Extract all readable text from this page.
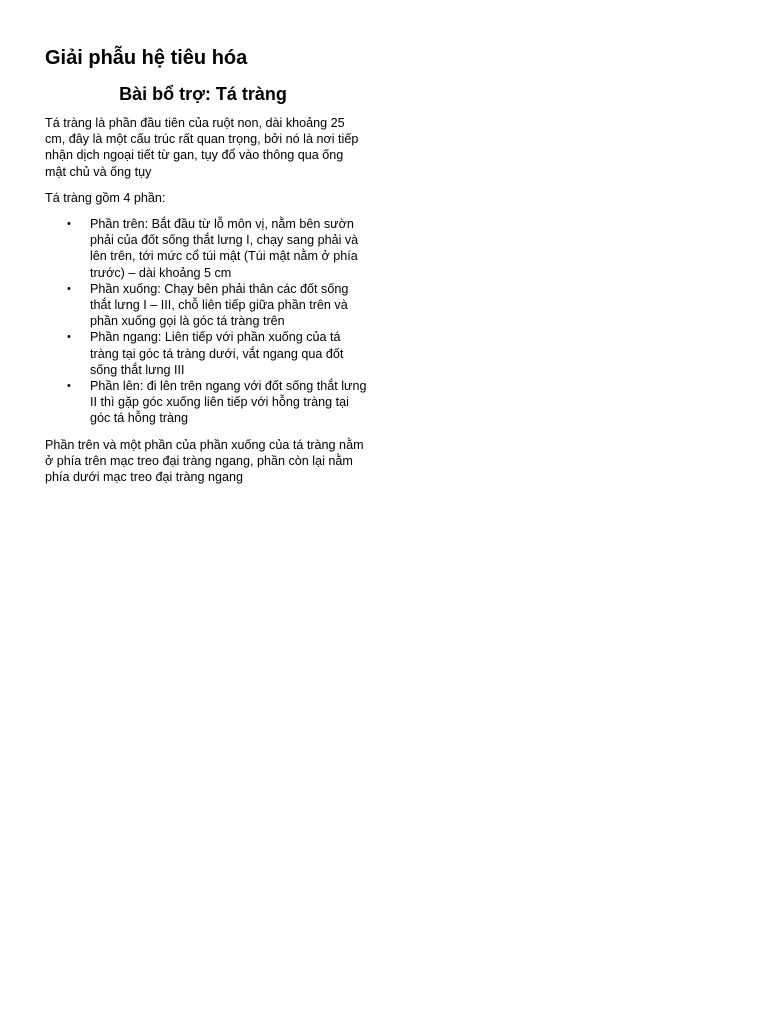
Giải phẫu hệ tiêu hóa
Bài bổ trợ: Tá tràng

Tá tràng là phần đầu tiên của ruột non, dài khoảng 25 cm, đây là một cấu trúc rất quan trọng, bởi nó là nơi tiếp nhận dịch ngoại tiết từ gan, tụy đổ vào thông qua ống mật chủ và ống tụy

Tá tràng gồm 4 phần:

• Phần trên: Bắt đầu từ lỗ môn vị, nằm bên sườn phải của đốt sống thắt lưng I, chạy sang phải và lên trên, tới mức cổ túi mật (Túi mật nằm ở phía trước) – dài khoảng 5 cm
• Phần xuống: Chạy bên phải thân các đốt sống thắt lưng I – III, chỗ liên tiếp giữa phần trên và phần xuống gọi là góc tá tràng trên
• Phần ngang: Liên tiếp với phần xuống của tá tràng tại góc tá tràng dưới, vắt ngang qua đốt sống thắt lưng III
• Phần lên: đi lên trên ngang với đốt sống thắt lưng II thì gặp góc xuống liên tiếp với hỗng tràng tại góc tá hỗng tràng

Phần trên và một phần của phần xuống của tá tràng nằm ở phía trên mạc treo đại tràng ngang, phần còn lại nằm phía dưới mạc treo đại tràng ngang
